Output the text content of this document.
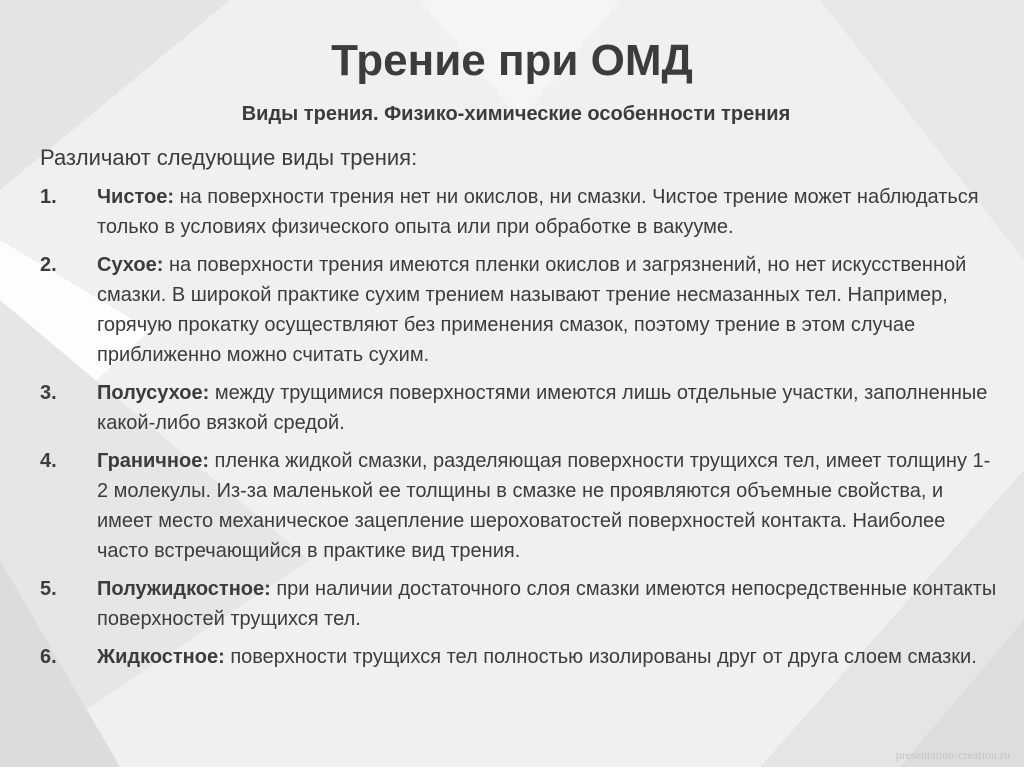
Трение при ОМД
Виды трения. Физико-химические особенности трения
Различают следующие виды трения:
1.	Чистое: на поверхности трения нет ни окислов, ни смазки. Чистое трение может наблюдаться только в условиях физического опыта или при обработке в вакууме.
2.	Сухое: на поверхности трения имеются пленки окислов и загрязнений, но нет искусственной смазки. В широкой практике сухим трением называют трение несмазанных тел. Например, горячую прокатку осуществляют без применения смазок, поэтому трение в этом случае приближенно можно считать сухим.
3.	Полусухое: между трущимися поверхностями имеются лишь отдельные участки, заполненные какой-либо вязкой средой.
4.	Граничное: пленка жидкой смазки, разделяющая поверхности трущихся тел, имеет толщину 1-2 молекулы. Из-за маленькой ее толщины в смазке не проявляются объемные свойства, и имеет место механическое зацепление шероховатостей поверхностей контакта. Наиболее часто встречающийся в практике вид трения.
5.	Полужидкостное: при наличии достаточного слоя смазки имеются непосредственные контакты поверхностей трущихся тел.
6.	Жидкостное: поверхности трущихся тел полностью изолированы друг от друга слоем смазки.
presentation-creation.ru
